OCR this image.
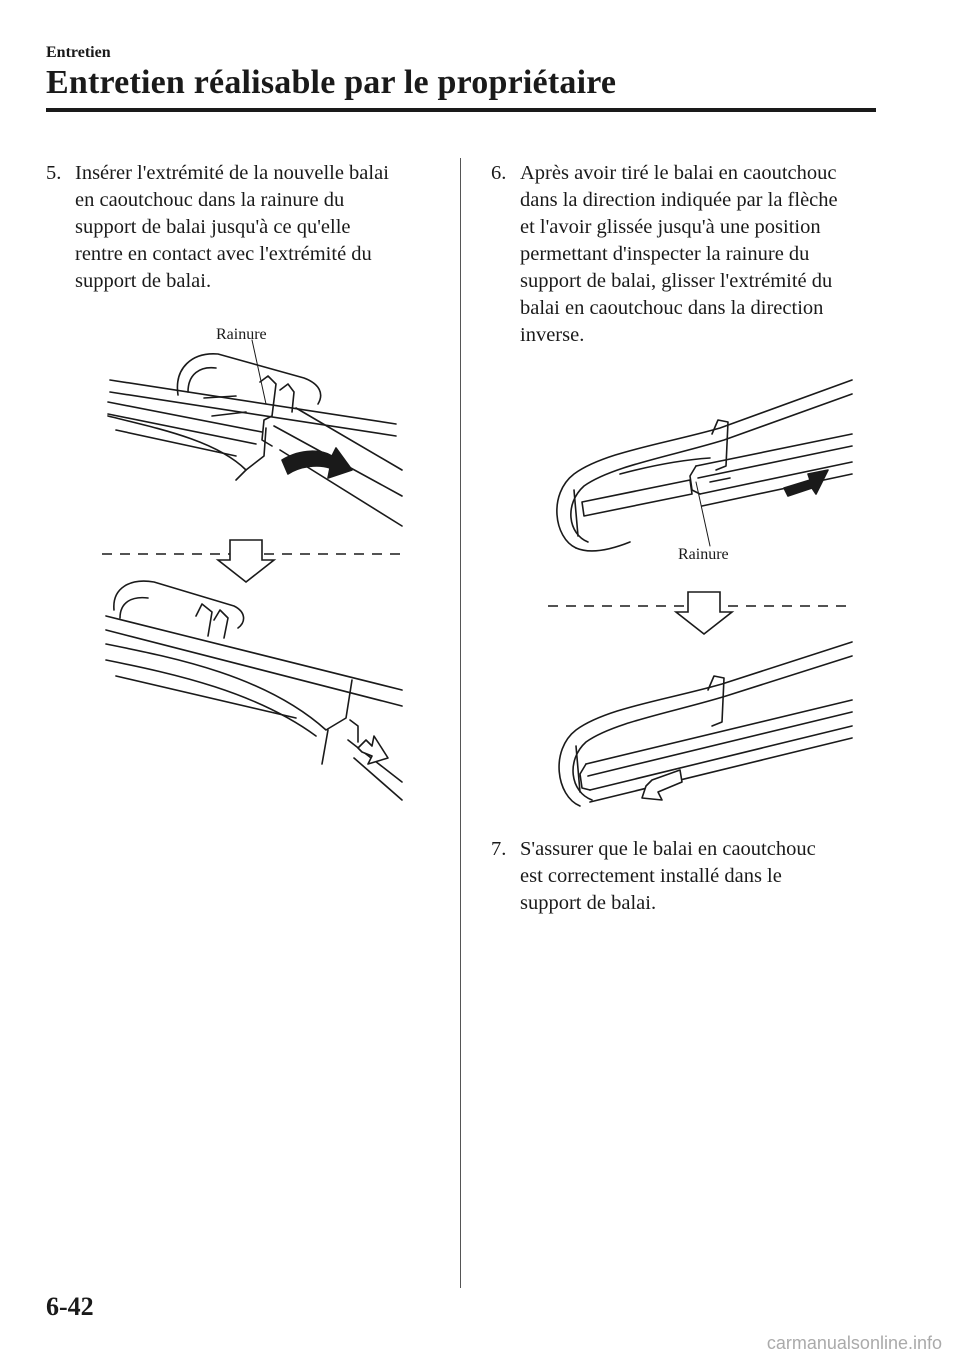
Entretien
Entretien réalisable par le propriétaire
5. Insérer l'extrémité de la nouvelle balai
en caoutchouc dans la rainure du
support de balai jusqu'à ce qu'elle
rentre en contact avec l'extrémité du
support de balai.
6. Après avoir tiré le balai en caoutchouc
dans la direction indiquée par la flèche
et l'avoir glissée jusqu'à une position
permettant d'inspecter la rainure du
support de balai, glisser l'extrémité du
balai en caoutchouc dans la direction
inverse.
7. S'assurer que le balai en caoutchouc
est correctement installé dans le
support de balai.
Rainure
Rainure
6-42
carmanualsonline.info
